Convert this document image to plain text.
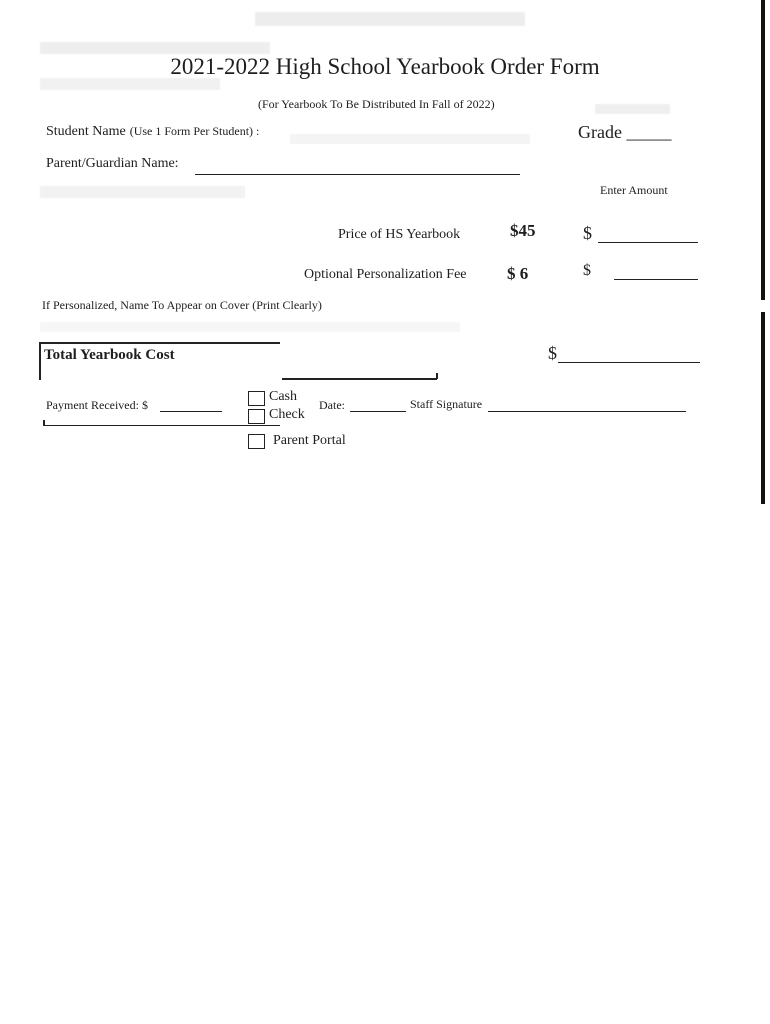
2021-2022 High School Yearbook Order Form
(For Yearbook To Be Distributed In Fall of 2022)
Student Name (Use 1 Form Per Student) :	Grade _____
Parent/Guardian Name:
Enter Amount
Price of HS Yearbook	$45	$
Optional Personalization Fee $ 6	$
If Personalized, Name To Appear on Cover (Print Clearly)
Total Yearbook Cost	$
Payment Received: $
Cash
Check
Date:	Staff Signature
Parent Portal
